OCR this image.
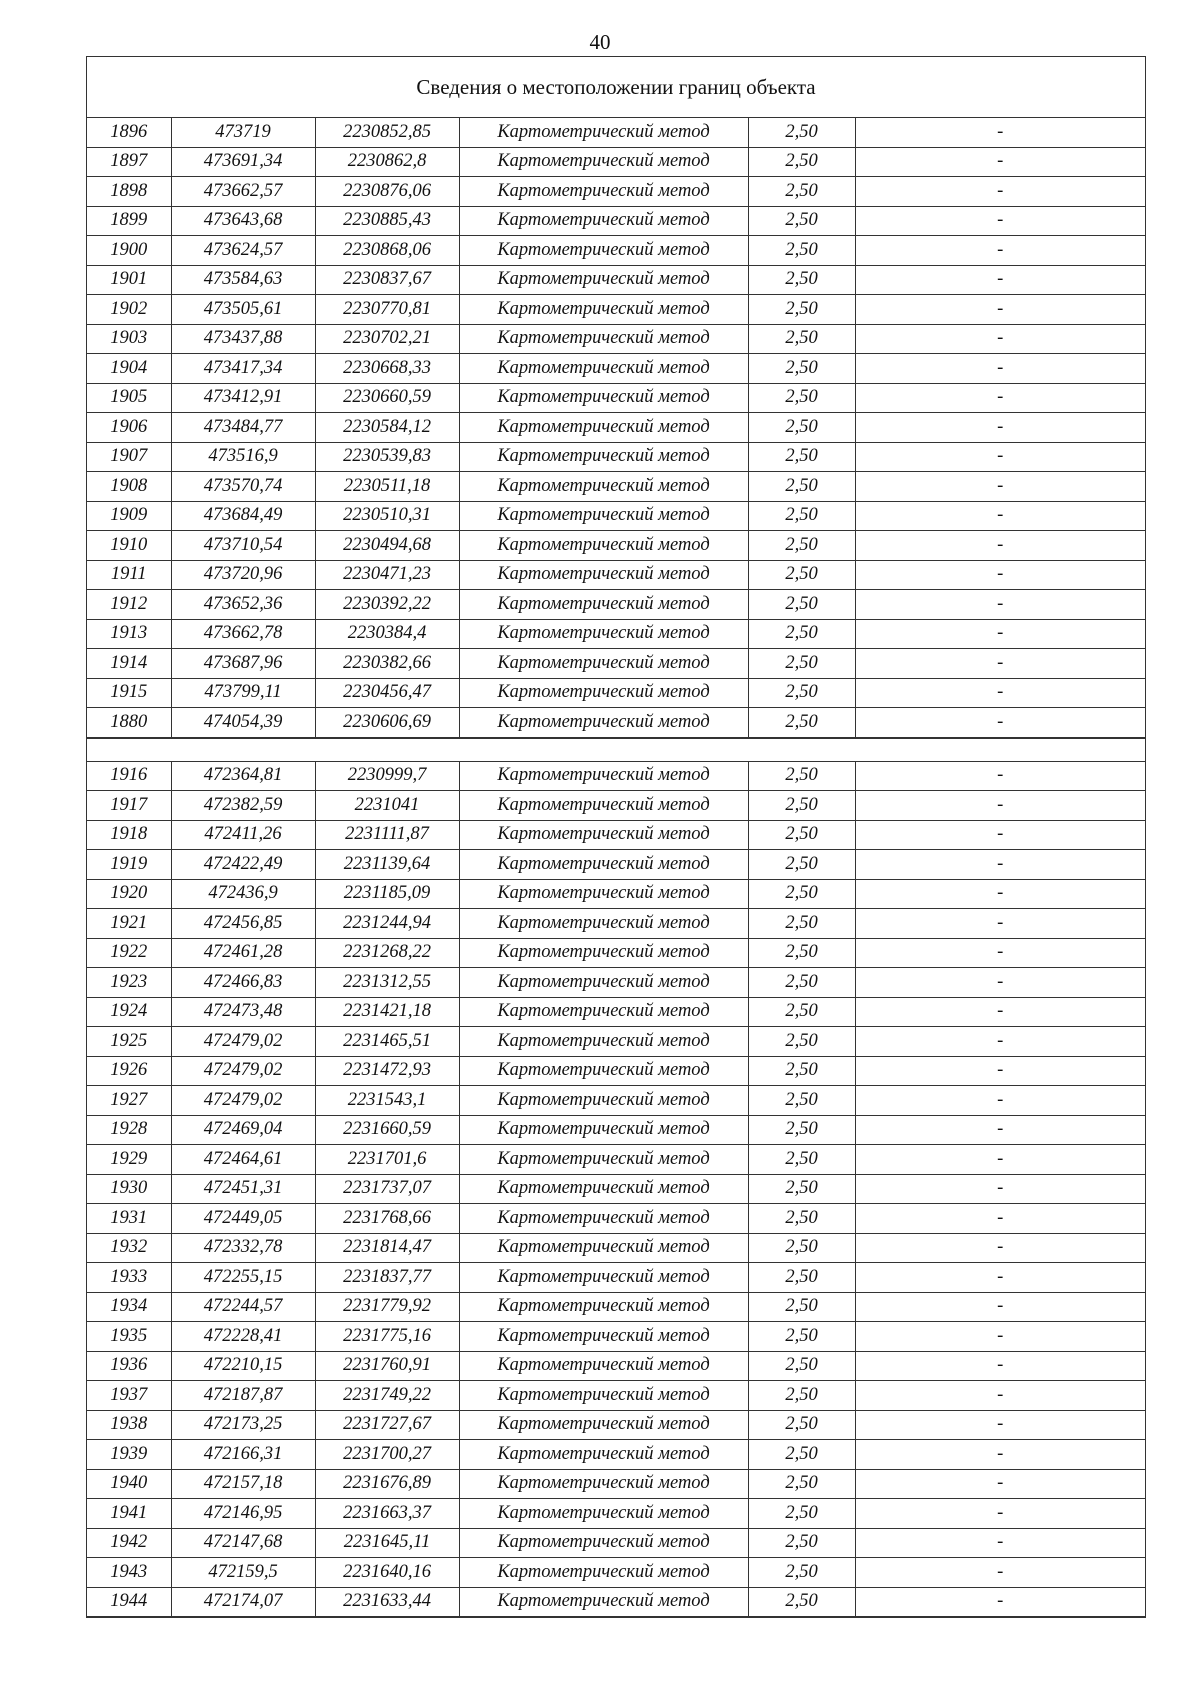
40
Сведения о местоположении границ объекта
1896	473719	2230852,85	Картометрический метод	2,50	-
1897	473691,34	2230862,8	Картометрический метод	2,50	-
1898	473662,57	2230876,06	Картометрический метод	2,50	-
1899	473643,68	2230885,43	Картометрический метод	2,50	-
1900	473624,57	2230868,06	Картометрический метод	2,50	-
1901	473584,63	2230837,67	Картометрический метод	2,50	-
1902	473505,61	2230770,81	Картометрический метод	2,50	-
1903	473437,88	2230702,21	Картометрический метод	2,50	-
1904	473417,34	2230668,33	Картометрический метод	2,50	-
1905	473412,91	2230660,59	Картометрический метод	2,50	-
1906	473484,77	2230584,12	Картометрический метод	2,50	-
1907	473516,9	2230539,83	Картометрический метод	2,50	-
1908	473570,74	2230511,18	Картометрический метод	2,50	-
1909	473684,49	2230510,31	Картометрический метод	2,50	-
1910	473710,54	2230494,68	Картометрический метод	2,50	-
1911	473720,96	2230471,23	Картометрический метод	2,50	-
1912	473652,36	2230392,22	Картометрический метод	2,50	-
1913	473662,78	2230384,4	Картометрический метод	2,50	-
1914	473687,96	2230382,66	Картометрический метод	2,50	-
1915	473799,11	2230456,47	Картометрический метод	2,50	-
1880	474054,39	2230606,69	Картометрический метод	2,50	-
1916	472364,81	2230999,7	Картометрический метод	2,50	-
1917	472382,59	2231041	Картометрический метод	2,50	-
1918	472411,26	2231111,87	Картометрический метод	2,50	-
1919	472422,49	2231139,64	Картометрический метод	2,50	-
1920	472436,9	2231185,09	Картометрический метод	2,50	-
1921	472456,85	2231244,94	Картометрический метод	2,50	-
1922	472461,28	2231268,22	Картометрический метод	2,50	-
1923	472466,83	2231312,55	Картометрический метод	2,50	-
1924	472473,48	2231421,18	Картометрический метод	2,50	-
1925	472479,02	2231465,51	Картометрический метод	2,50	-
1926	472479,02	2231472,93	Картометрический метод	2,50	-
1927	472479,02	2231543,1	Картометрический метод	2,50	-
1928	472469,04	2231660,59	Картометрический метод	2,50	-
1929	472464,61	2231701,6	Картометрический метод	2,50	-
1930	472451,31	2231737,07	Картометрический метод	2,50	-
1931	472449,05	2231768,66	Картометрический метод	2,50	-
1932	472332,78	2231814,47	Картометрический метод	2,50	-
1933	472255,15	2231837,77	Картометрический метод	2,50	-
1934	472244,57	2231779,92	Картометрический метод	2,50	-
1935	472228,41	2231775,16	Картометрический метод	2,50	-
1936	472210,15	2231760,91	Картометрический метод	2,50	-
1937	472187,87	2231749,22	Картометрический метод	2,50	-
1938	472173,25	2231727,67	Картометрический метод	2,50	-
1939	472166,31	2231700,27	Картометрический метод	2,50	-
1940	472157,18	2231676,89	Картометрический метод	2,50	-
1941	472146,95	2231663,37	Картометрический метод	2,50	-
1942	472147,68	2231645,11	Картометрический метод	2,50	-
1943	472159,5	2231640,16	Картометрический метод	2,50	-
1944	472174,07	2231633,44	Картометрический метод	2,50	-
